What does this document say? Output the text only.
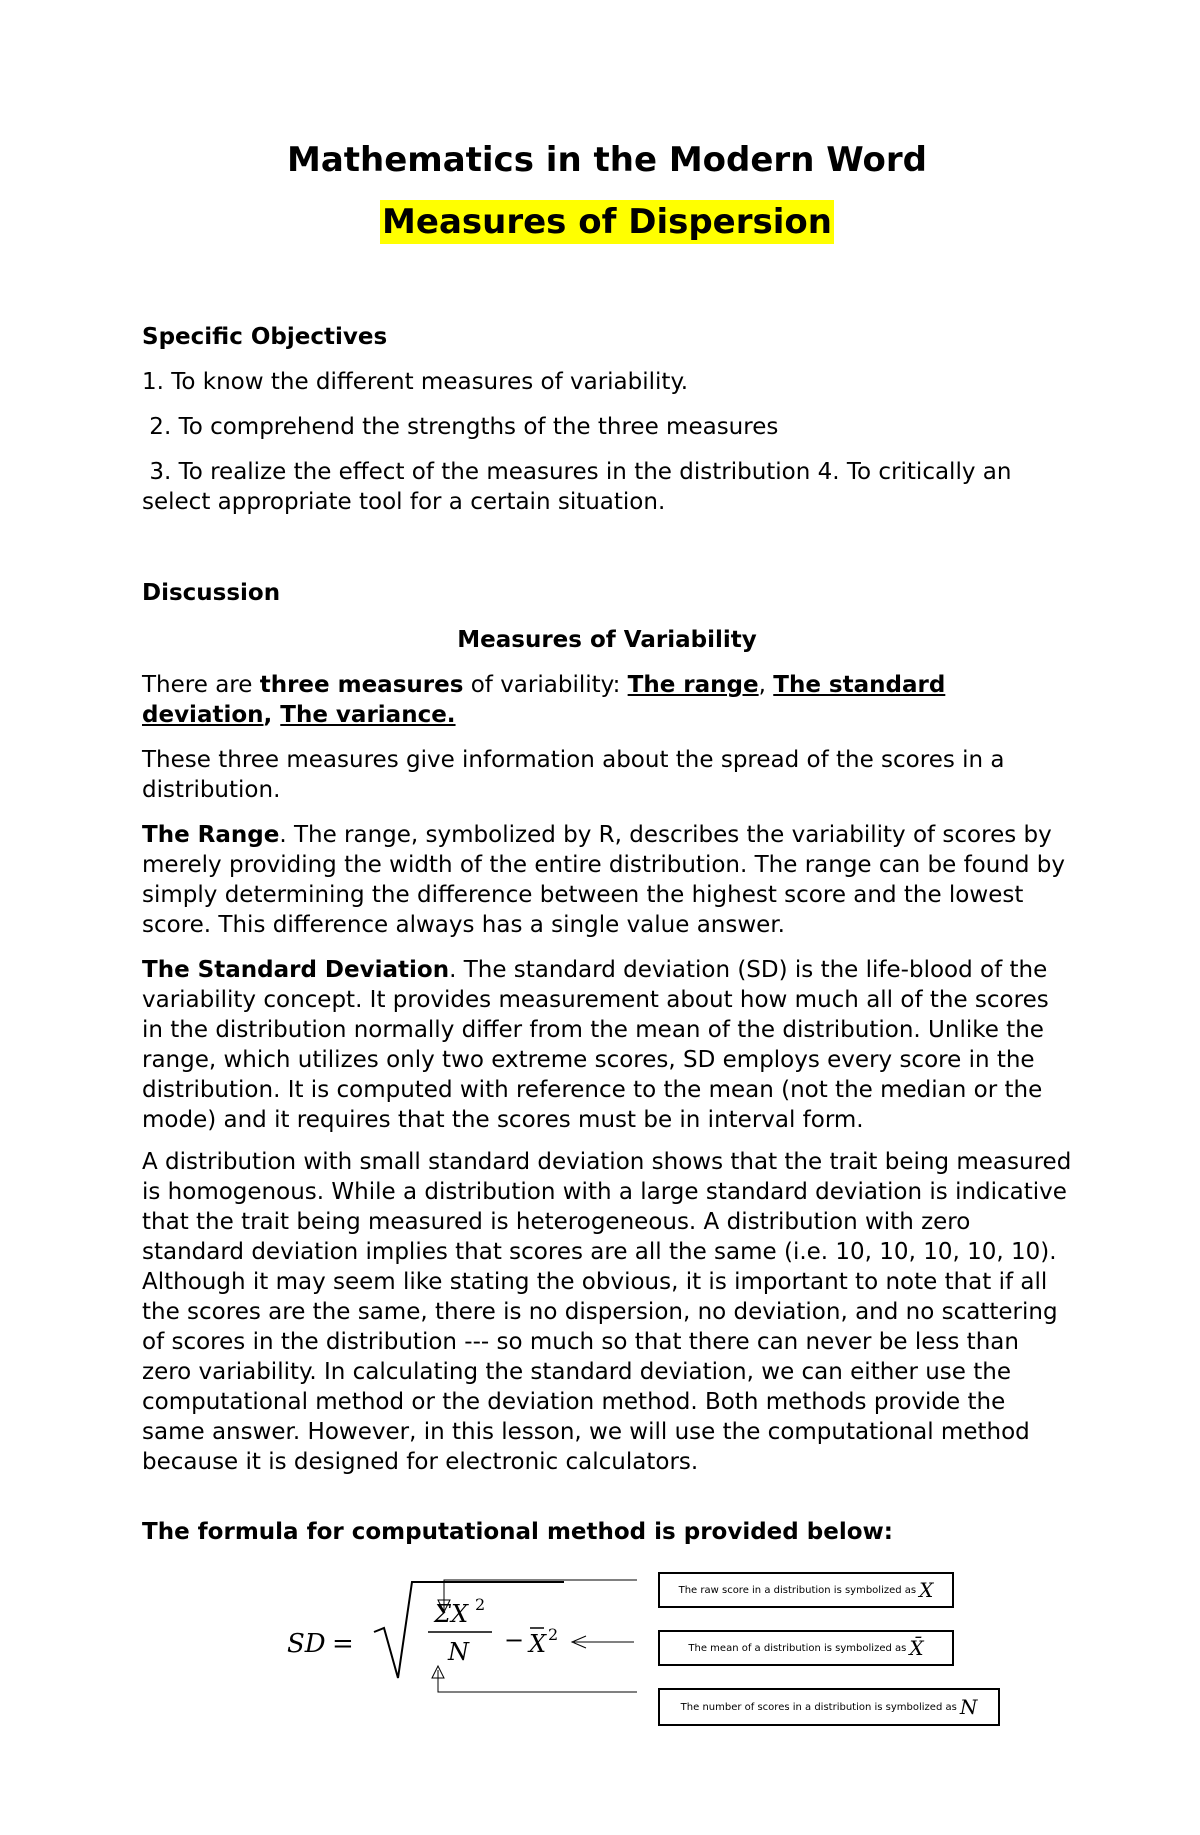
Mathematics in the Modern Word
Measures of Dispersion

Specific Objectives

1. To know the different measures of variability.

2. To comprehend the strengths of the three measures

3. To realize the effect of the measures in the distribution 4. To critically an select appropriate tool for a certain situation.

Discussion

Measures of Variability

There are three measures of variability: The range, The standard deviation, The variance.

These three measures give information about the spread of the scores in a distribution.

The Range. The range, symbolized by R, describes the variability of scores by merely providing the width of the entire distribution. The range can be found by simply determining the difference between the highest score and the lowest score. This difference always has a single value answer.

The Standard Deviation. The standard deviation (SD) is the life-blood of the variability concept. It provides measurement about how much all of the scores in the distribution normally differ from the mean of the distribution. Unlike the range, which utilizes only two extreme scores, SD employs every score in the distribution. It is computed with reference to the mean (not the median or the mode) and it requires that the scores must be in interval form.

A distribution with small standard deviation shows that the trait being measured is homogenous. While a distribution with a large standard deviation is indicative that the trait being measured is heterogeneous. A distribution with zero standard deviation implies that scores are all the same (i.e. 10, 10, 10, 10, 10). Although it may seem like stating the obvious, it is important to note that if all the scores are the same, there is no dispersion, no deviation, and no scattering of scores in the distribution --- so much so that there can never be less than zero variability. In calculating the standard deviation, we can either use the computational method or the deviation method. Both methods provide the same answer. However, in this lesson, we will use the computational method because it is designed for electronic calculators.

The formula for computational method is provided below:

SD =
ΣX 2
N − X 2
The raw score in a distribution is symbolized as X
The mean of a distribution is symbolized as X̄
The number of scores in a distribution is symbolized as N
